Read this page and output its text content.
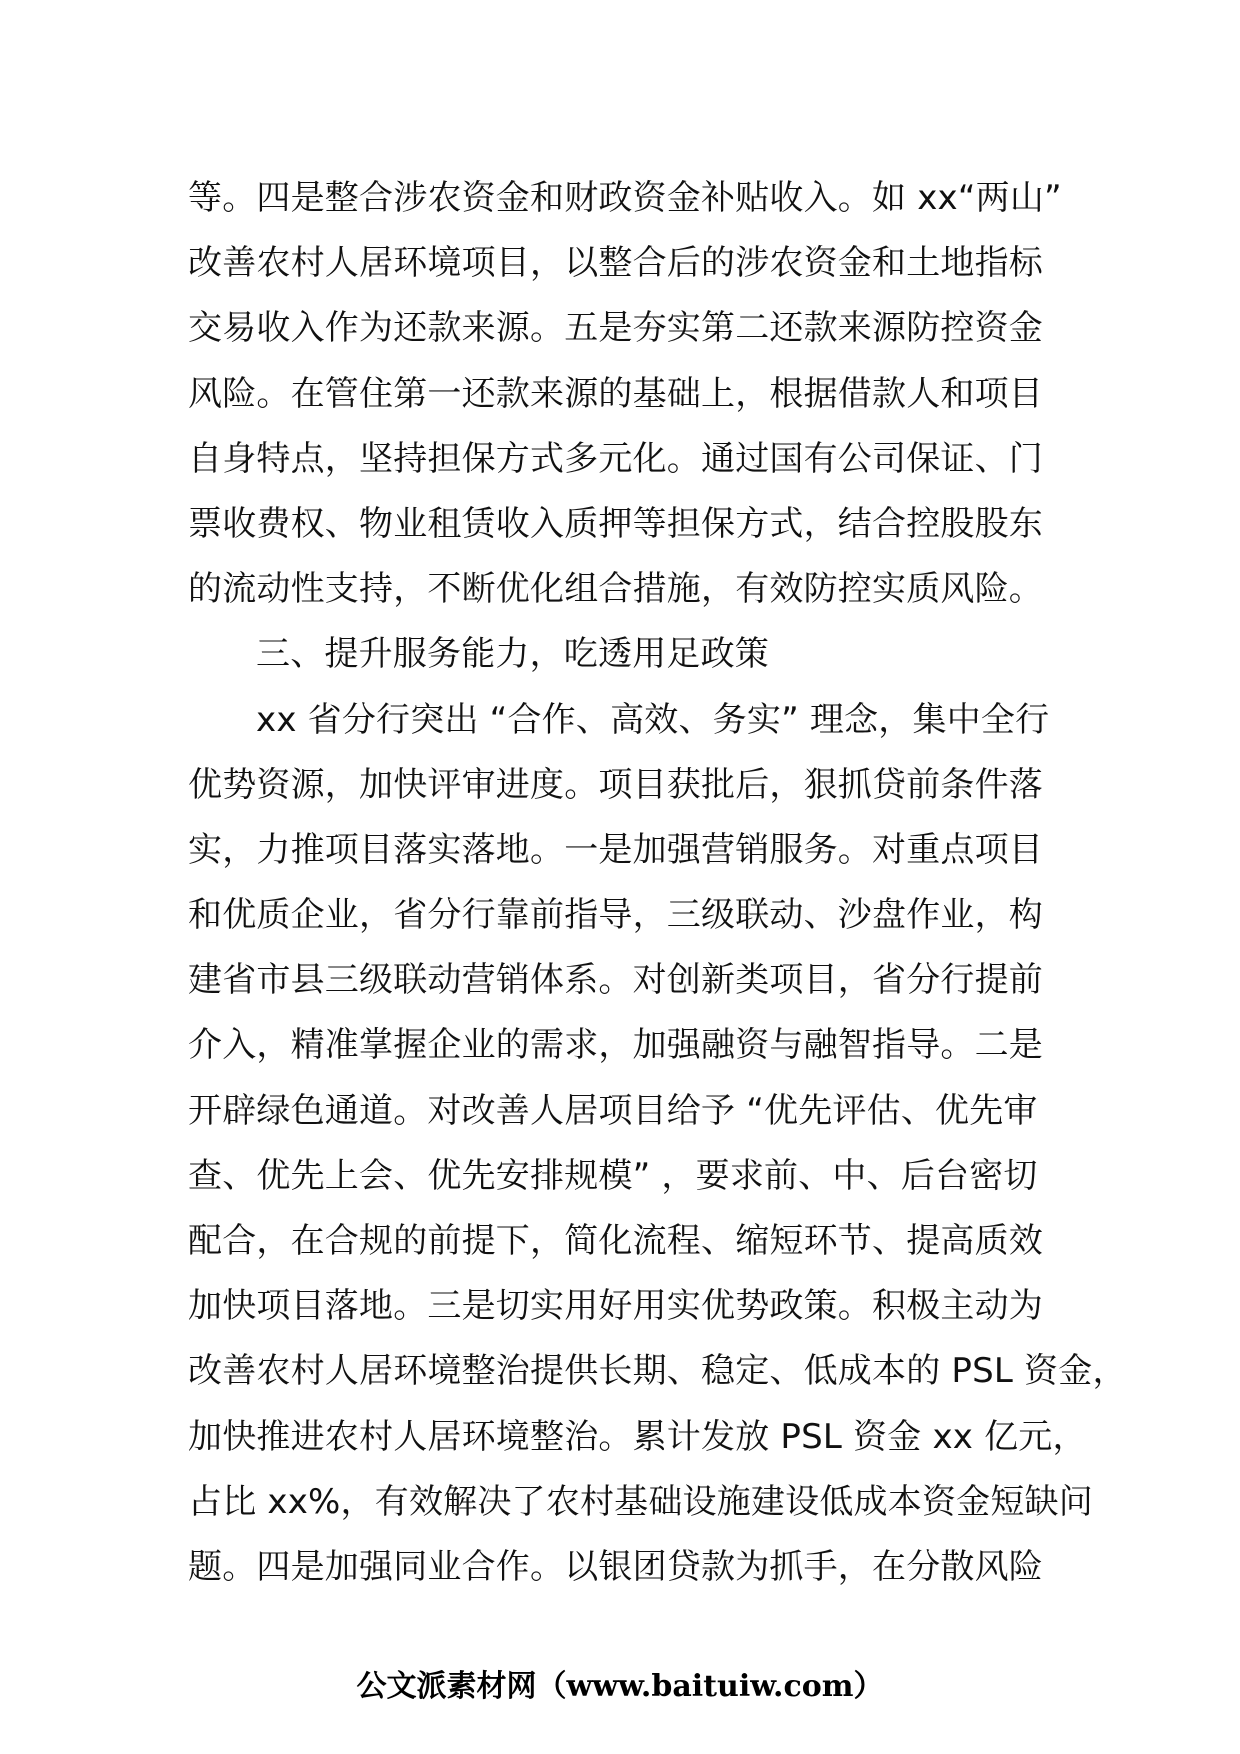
等。四是整合涉农资金和财政资金补贴收入。如 xx“两山”
改善农村人居环境项目，以整合后的涉农资金和土地指标
交易收入作为还款来源。五是夯实第二还款来源防控资金
风险。在管住第一还款来源的基础上，根据借款人和项目
自身特点，坚持担保方式多元化。通过国有公司保证、门
票收费权、物业租赁收入质押等担保方式，结合控股股东
的流动性支持，不断优化组合措施，有效防控实质风险。
三、提升服务能力，吃透用足政策
xx 省分行突出 “合作、高效、务实” 理念，集中全行
优势资源，加快评审进度。项目获批后，狠抓贷前条件落
实，力推项目落实落地。一是加强营销服务。对重点项目
和优质企业，省分行靠前指导，三级联动、沙盘作业，构
建省市县三级联动营销体系。对创新类项目，省分行提前
介入，精准掌握企业的需求，加强融资与融智指导。二是
开辟绿色通道。对改善人居项目给予 “优先评估、优先审
查、优先上会、优先安排规模” ，要求前、中、后台密切
配合，在合规的前提下，简化流程、缩短环节、提高质效
加快项目落地。三是切实用好用实优势政策。积极主动为
改善农村人居环境整治提供长期、稳定、低成本的 PSL 资金，
加快推进农村人居环境整治。累计发放 PSL 资金 xx 亿元，
占比 xx%，有效解决了农村基础设施建设低成本资金短缺问
题。四是加强同业合作。以银团贷款为抓手，在分散风险
公文派素材网（www.baituiw.com）
